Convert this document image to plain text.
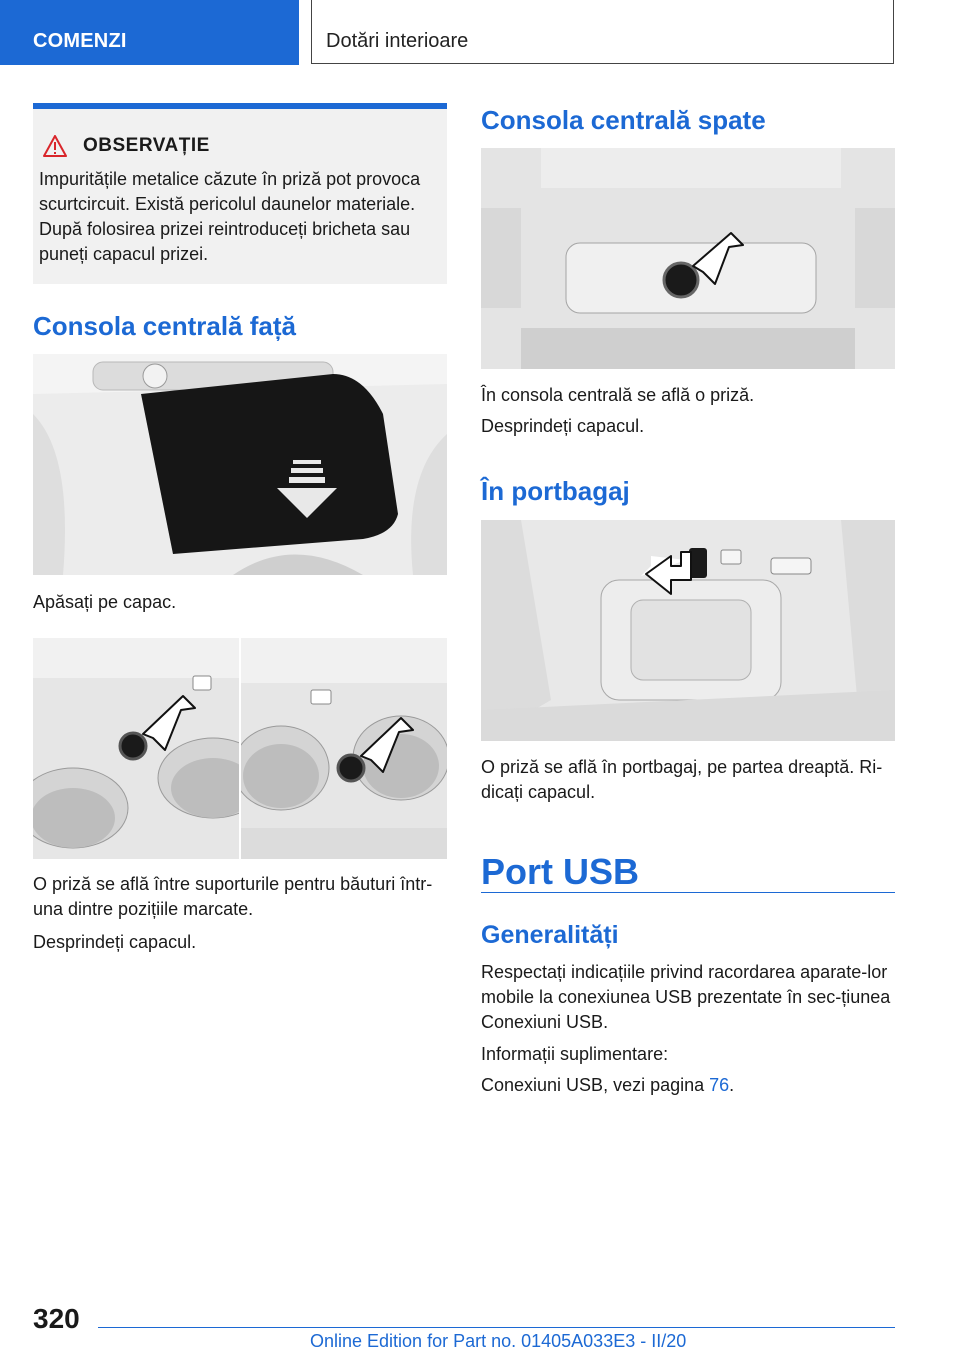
COMENZI	Dotări interioare
OBSERVAȚIE

Impuritățile metalice căzute în priză pot provoca scurtcircuit. Există pericolul daunelor materiale. După folosirea prizei reintroduceți bricheta sau puneți capacul prizei.

Consola centrală față

Apăsați pe capac.

O priză se află între suporturile pentru băuturi într-una dintre pozițiile marcate.

Desprindeți capacul.

Consola centrală spate

În consola centrală se află o priză.

Desprindeți capacul.

În portbagaj

O priză se află în portbagaj, pe partea dreaptă. Ri-dicați capacul.

Port USB
Generalități

Respectați indicațiile privind racordarea aparate-lor mobile la conexiunea USB prezentate în sec-țiunea Conexiuni USB.

Informații suplimentare:

Conexiuni USB, vezi pagina 76.

320
Online Edition for Part no. 01405A033E3 - II/20
